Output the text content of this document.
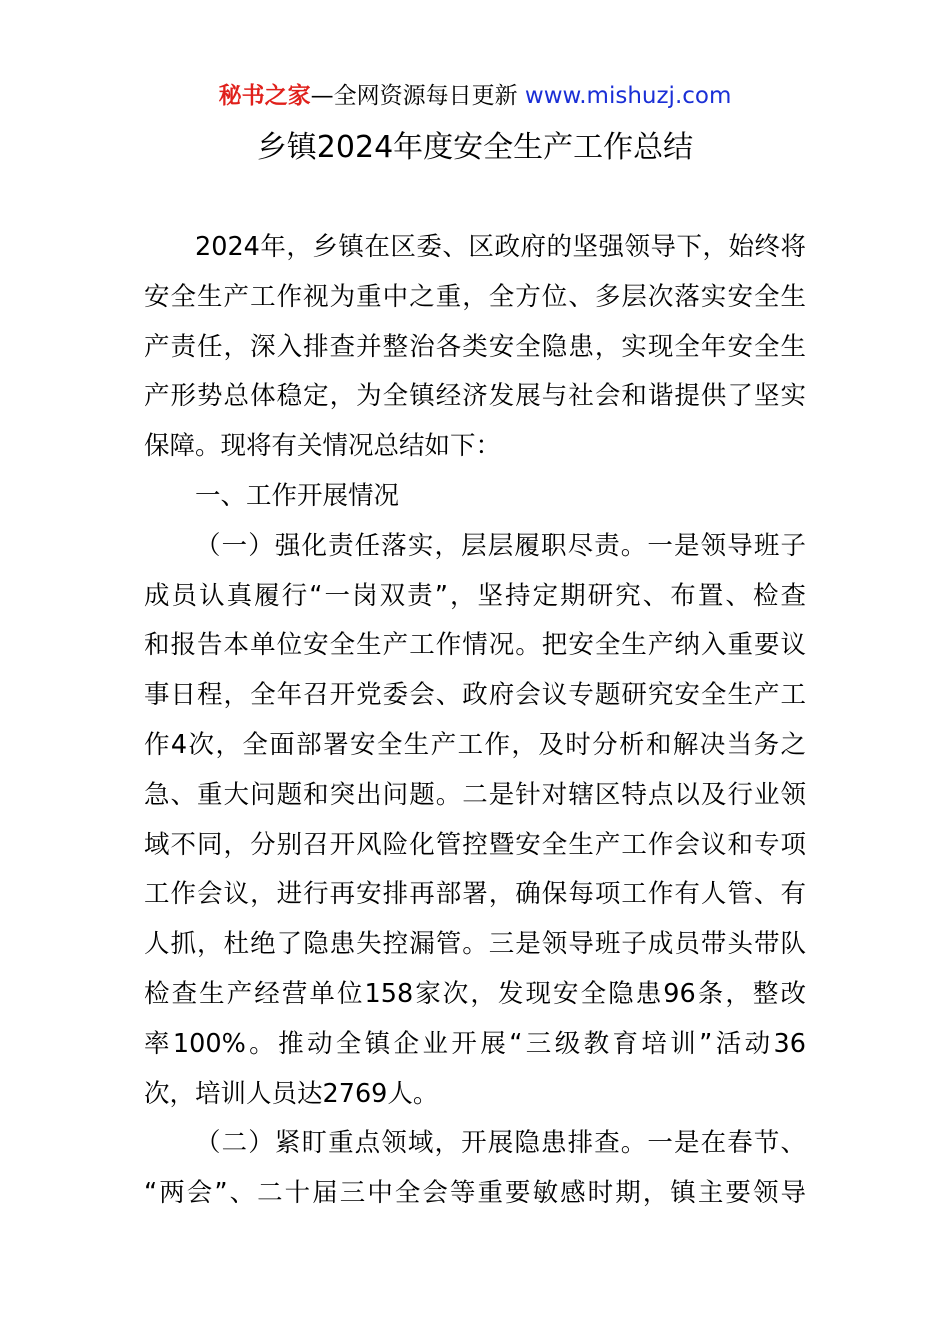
秘书之家—全网资源每日更新 www.mishuzj.com
乡镇2024年度安全生产工作总结
2024年，乡镇在区委、区政府的坚强领导下，始终将
安全生产工作视为重中之重，全方位、多层次落实安全生
产责任，深入排查并整治各类安全隐患，实现全年安全生
产形势总体稳定，为全镇经济发展与社会和谐提供了坚实
保障。现将有关情况总结如下：
一、工作开展情况
（一）强化责任落实，层层履职尽责。一是领导班子
成员认真履行“一岗双责”，坚持定期研究、布置、检查
和报告本单位安全生产工作情况。把安全生产纳入重要议
事日程，全年召开党委会、政府会议专题研究安全生产工
作4次，全面部署安全生产工作，及时分析和解决当务之
急、重大问题和突出问题。二是针对辖区特点以及行业领
域不同，分别召开风险化管控暨安全生产工作会议和专项
工作会议，进行再安排再部署，确保每项工作有人管、有
人抓，杜绝了隐患失控漏管。三是领导班子成员带头带队
检查生产经营单位158家次，发现安全隐患96条，整改
率100%。推动全镇企业开展“三级教育培训”活动36
次，培训人员达2769人。
（二）紧盯重点领域，开展隐患排查。一是在春节、
“两会”、二十届三中全会等重要敏感时期，镇主要领导
